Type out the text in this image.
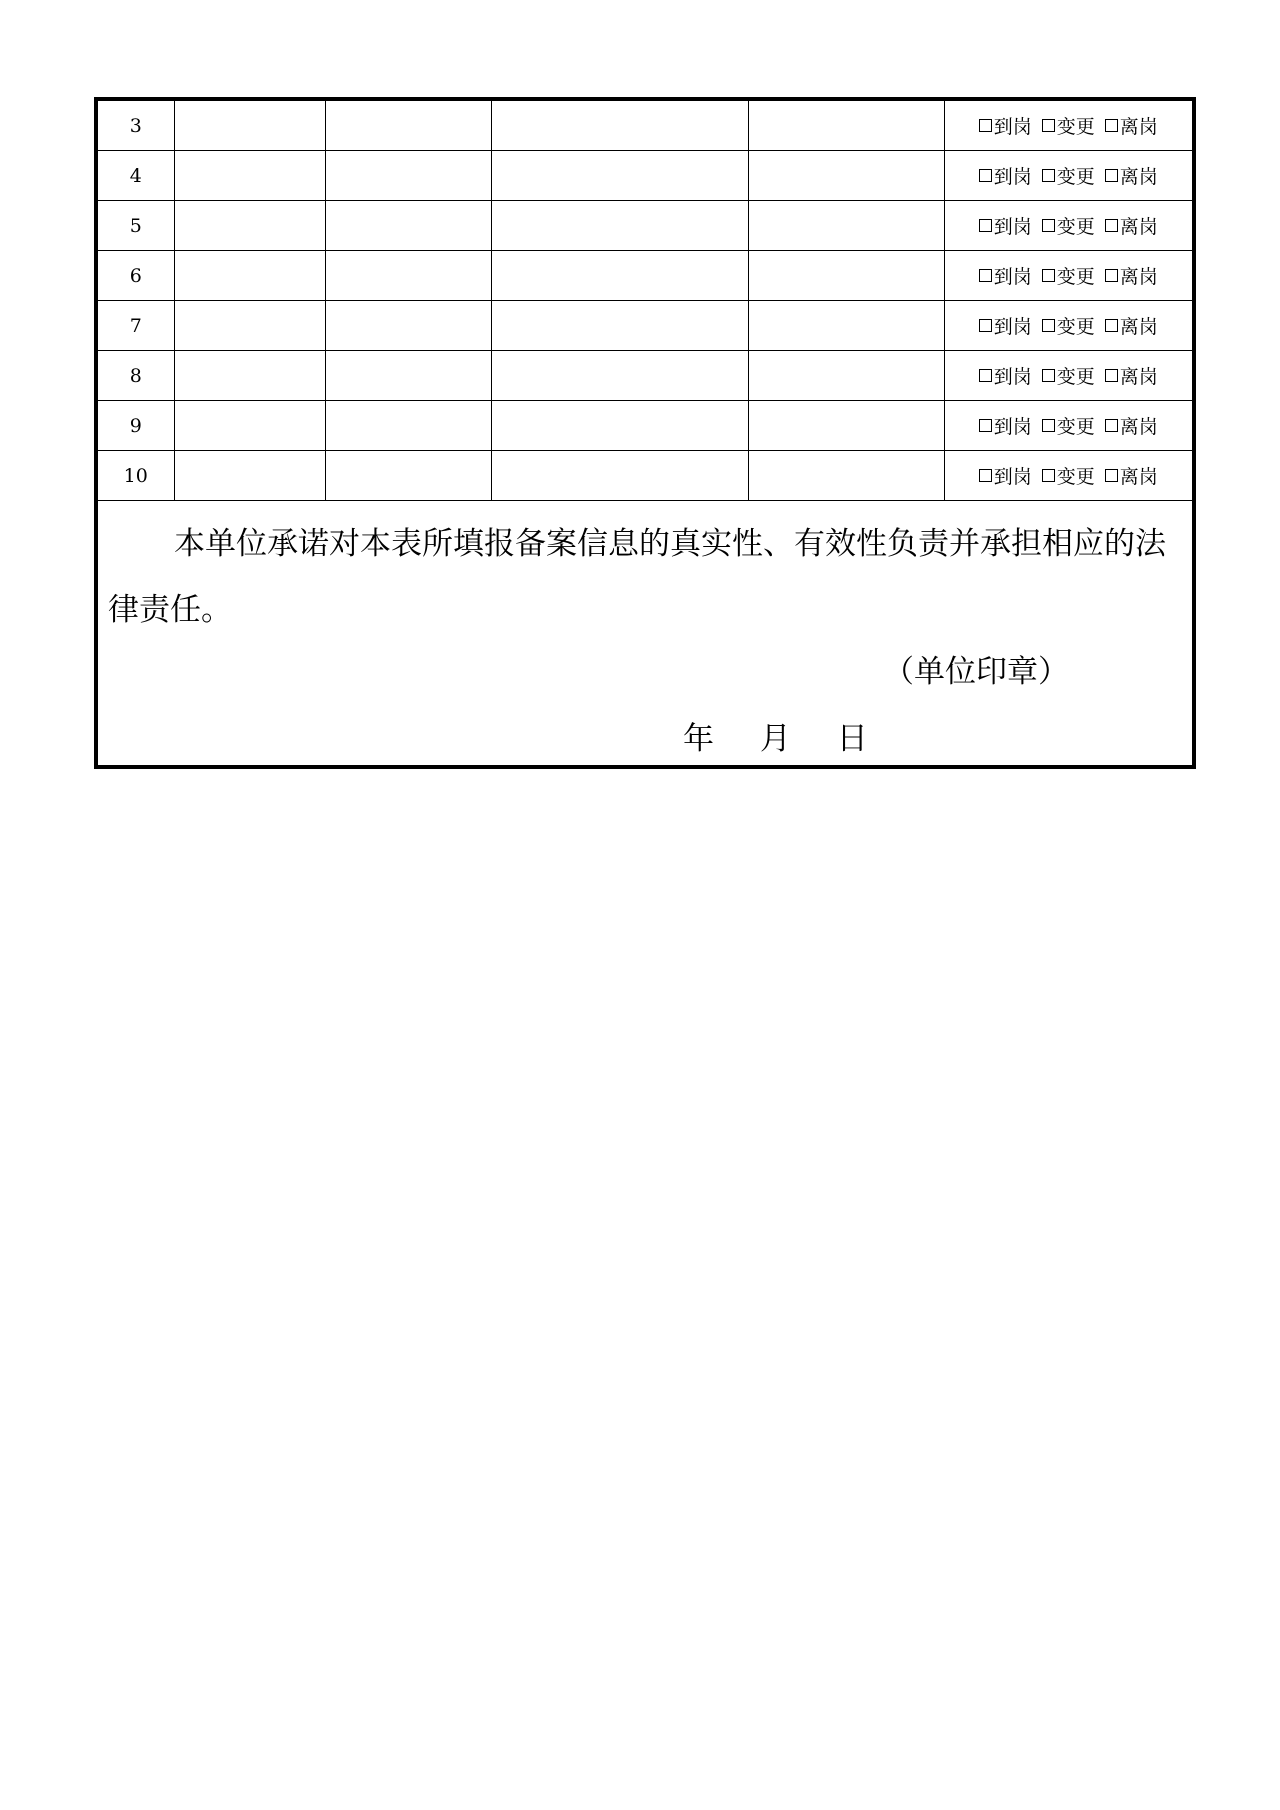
3					到岗 变更 离岗

4					到岗 变更 离岗

5					到岗 变更 离岗

6					到岗 变更 离岗

7					到岗 变更 离岗

8					到岗 变更 离岗

9					到岗 变更 离岗

10					到岗 变更 离岗

本单位承诺对本表所填报备案信息的真实性、有效性负责并承担相应的法律责任。

（单位印章）
年 月 日
